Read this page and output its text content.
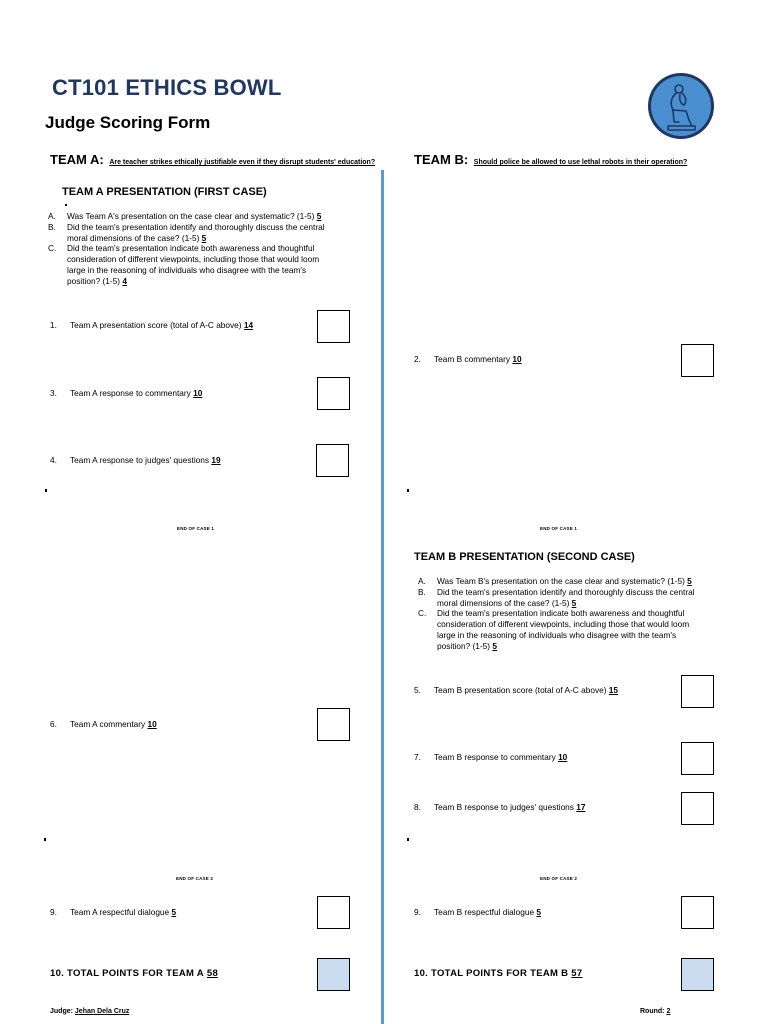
CT101 ETHICS BOWL
Judge Scoring Form
TEAM A: Are teacher strikes ethically justifiable even if they disrupt students' education?	TEAM B: Should police be allowed to use lethal robots in their operation?
TEAM A PRESENTATION (FIRST CASE)
A.	Was Team A's presentation on the case clear and systematic? (1-5) 5
B.	Did the team's presentation identify and thoroughly discuss the central moral dimensions of the case? (1-5) 5
C.	Did the team's presentation indicate both awareness and thoughtful consideration of different viewpoints, including those that would loom large in the reasoning of individuals who disagree with the team's position? (1-5) 4
1.	Team A presentation score (total of A-C above)
14
3.	Team A response to commentary
10
4.	Team A response to judges' questions
19
END OF CASE 1
6.	Team A commentary
10
END OF CASE 2
9.	Team A respectful dialogue
5
10. TOTAL POINTS FOR TEAM A 58
Judge: Jehan Dela Cruz
2.	Team B commentary
10
END OF CASE 1
TEAM B PRESENTATION (SECOND CASE)
A.	Was Team B's presentation on the case clear and systematic? (1-5) 5
B.	Did the team's presentation identify and thoroughly discuss the central moral dimensions of the case? (1-5) 5
C.	Did the team's presentation indicate both awareness and thoughtful consideration of different viewpoints, including those that would loom large in the reasoning of individuals who disagree with the team's position? (1-5) 5
5.	Team B presentation score (total of A-C above)
15
7.	Team B response to commentary
10
8.	Team B response to judges' questions
17
END OF CASE 2
9.	Team B respectful dialogue
5
10. TOTAL POINTS FOR TEAM B 57
Round: 2
